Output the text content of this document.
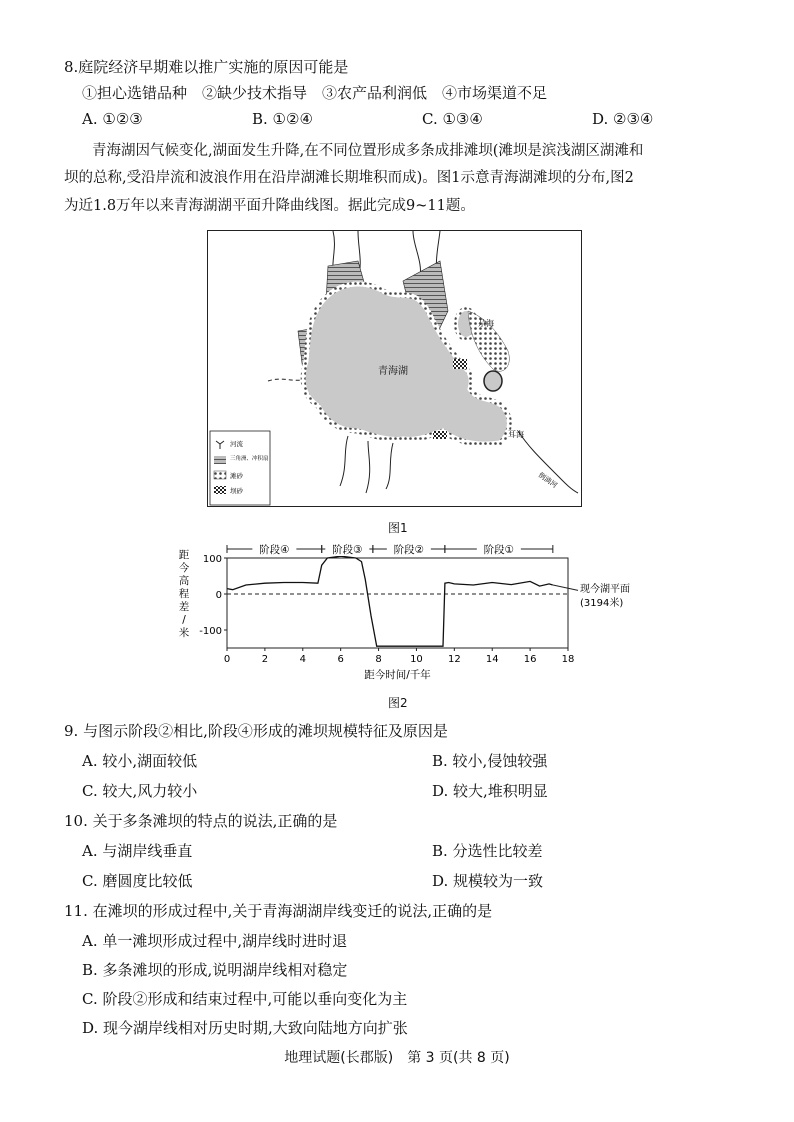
8.庭院经济早期难以推广实施的原因可能是
①担心选错品种　②缺少技术指导　③农产品利润低　④市场渠道不足
A. ①②③	B. ①②④	C. ①③④	D. ②③④
青海湖因气候变化,湖面发生升降,在不同位置形成多条成排滩坝(滩坝是滨浅湖区湖滩和
坝的总称,受沿岸流和波浪作用在沿岸湖滩长期堆积而成)。图1示意青海湖滩坝的分布,图2
为近1.8万年以来青海湖湖平面升降曲线图。据此完成9~11题。
青海湖
尕海
耳海
倒淌河
河流
三角洲、冲积扇
滩砂
坝砂
图1
0	2	4	6	8	10	12	14	16	18
100
0
-100
距
今
高
程
差
/
米
距今时间/千年
现今湖平面
(3194米)
阶段④	阶段③	阶段②	阶段①
图2
9. 与图示阶段②相比,阶段④形成的滩坝规模特征及原因是
A. 较小,湖面较低	B. 较小,侵蚀较强
C. 较大,风力较小	D. 较大,堆积明显
10. 关于多条滩坝的特点的说法,正确的是
A. 与湖岸线垂直	B. 分选性比较差
C. 磨圆度比较低	D. 规模较为一致
11. 在滩坝的形成过程中,关于青海湖湖岸线变迁的说法,正确的是
A. 单一滩坝形成过程中,湖岸线时进时退
B. 多条滩坝的形成,说明湖岸线相对稳定
C. 阶段②形成和结束过程中,可能以垂向变化为主
D. 现今湖岸线相对历史时期,大致向陆地方向扩张
地理试题(长郡版)　第 3 页(共 8 页)
